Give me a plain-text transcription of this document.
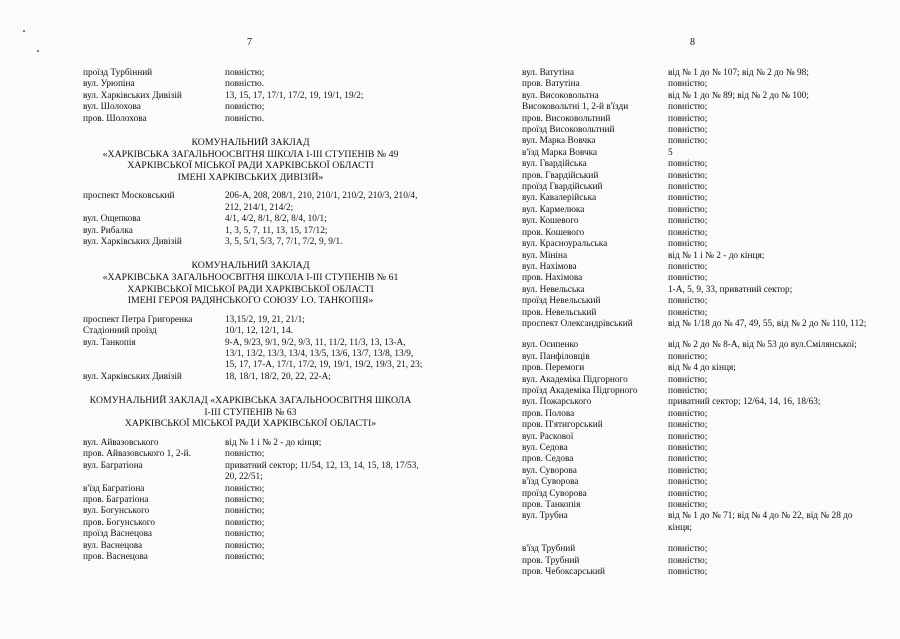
7	8
проїзд Турбінний	повністю;
вул. Урюпіна	повністю.
вул. Харківських Дивізій	13, 15, 17, 17/1, 17/2, 19, 19/1, 19/2;
вул. Шолохова	повністю;
пров. Шолохова	повністю.
КОМУНАЛЬНИЙ ЗАКЛАД
«ХАРКІВСЬКА ЗАГАЛЬНООСВІТНЯ ШКОЛА І-ІІІ СТУПЕНІВ № 49
ХАРКІВСЬКОЇ МІСЬКОЇ РАДИ ХАРКІВСЬКОЇ ОБЛАСТІ
ІМЕНІ ХАРКІВСЬКИХ ДИВІЗІЙ»
проспект Московський	206-А, 208, 208/1, 210, 210/1, 210/2, 210/3, 210/4, 212, 214/1, 214/2;
вул. Ощепкова	4/1, 4/2, 8/1, 8/2, 8/4, 10/1;
вул. Рибалка	1, 3, 5, 7, 11, 13, 15, 17/12;
вул. Харківських Дивізій	3, 5, 5/1, 5/3, 7, 7/1, 7/2, 9, 9/1.
КОМУНАЛЬНИЙ ЗАКЛАД
«ХАРКІВСЬКА ЗАГАЛЬНООСВІТНЯ ШКОЛА І-ІІІ СТУПЕНІВ № 61
ХАРКІВСЬКОЇ МІСЬКОЇ РАДИ ХАРКІВСЬКОЇ ОБЛАСТІ
ІМЕНІ ГЕРОЯ РАДЯНСЬКОГО СОЮЗУ І.О. ТАНКОПІЯ»
проспект Петра Григоренка	13,15/2, 19, 21, 21/1;
Стадіонний проїзд	10/1, 12, 12/1, 14.
вул. Танкопія	9-А, 9/23, 9/1, 9/2, 9/3, 11, 11/2, 11/3, 13, 13-А, 13/1, 13/2, 13/3, 13/4, 13/5, 13/6, 13/7, 13/8, 13/9, 15, 17, 17-А, 17/1, 17/2, 19, 19/1, 19/2, 19/3, 21, 23;
вул. Харківських Дивізій	18, 18/1, 18/2, 20, 22, 22-А;
КОМУНАЛЬНИЙ ЗАКЛАД «ХАРКІВСЬКА ЗАГАЛЬНООСВІТНЯ ШКОЛА
І-ІІІ СТУПЕНІВ № 63
ХАРКІВСЬКОЇ МІСЬКОЇ РАДИ ХАРКІВСЬКОЇ ОБЛАСТІ»
вул. Айвазовського	від № 1 і № 2 - до кінця;
пров. Айвазовського 1, 2-й.	повністю;
вул. Багратіона	приватний сектор; 11/54, 12, 13, 14, 15, 18, 17/53, 20, 22/51;
в'їзд Багратіона	повністю;
пров. Багратіона	повністю;
вул. Богунського	повністю;
пров. Богунського	повністю;
проїзд Васнецова	повністю;
вул. Васнецова	повністю;
пров. Васнецова	повністю;
вул. Ватутіна	від № 1 до № 107; від № 2 до № 98;
пров. Ватутіна	повністю;
вул. Високовольтна	від № 1 до № 89; від № 2 до № 100;
Високовольтні 1, 2-й в'їзди	повністю;
пров. Високовольтний	повністю;
проїзд Високовольтний	повністю;
вул. Марка Вовчка	повністю;
в'їзд Марка Вовчка	5
вул. Гвардійська	повністю;
пров. Гвардійський	повністю;
проїзд Гвардійський	повністю;
вул. Кавалерійська	повністю;
вул. Кармелюка	повністю;
вул. Кошевого	повністю;
пров. Кошевого	повністю;
вул. Красноуральська	повністю;
вул. Мініна	від № 1 і № 2 - до кінця;
вул. Нахімова	повністю;
пров. Нахімова	повністю;
вул. Невельська	1-А, 5, 9, 33, приватний сектор;
проїзд Невельський	повністю;
пров. Невельський	повністю;
проспект Олександрівський	від № 1/18 до № 47, 49, 55, від № 2 до № 110, 112;
вул. Осипенко	від № 2 до № 8-А, від № 53 до вул.Смілянської;
вул. Панфіловців	повністю;
пров. Перемоги	від № 4 до кінця;
вул. Академіка Підгорного	повністю;
проїзд Академіка Підгорного	повністю;
вул. Пожарського	приватний сектор; 12/64, 14, 16, 18/63;
пров. Полова	повністю;
пров. П'ятигорський	повністю;
вул. Раскової	повністю;
вул. Седова	повністю;
пров. Седова	повністю;
вул. Суворова	повністю;
в'їзд Суворова	повністю;
проїзд Суворова	повністю;
пров. Танкопія	повністю;
вул. Трубна	від № 1 до № 71; від № 4 до № 22, від № 28 до кінця;
в'їзд Трубний	повністю;
пров. Трубний	повністю;
пров. Чебоксарський	повністю;
